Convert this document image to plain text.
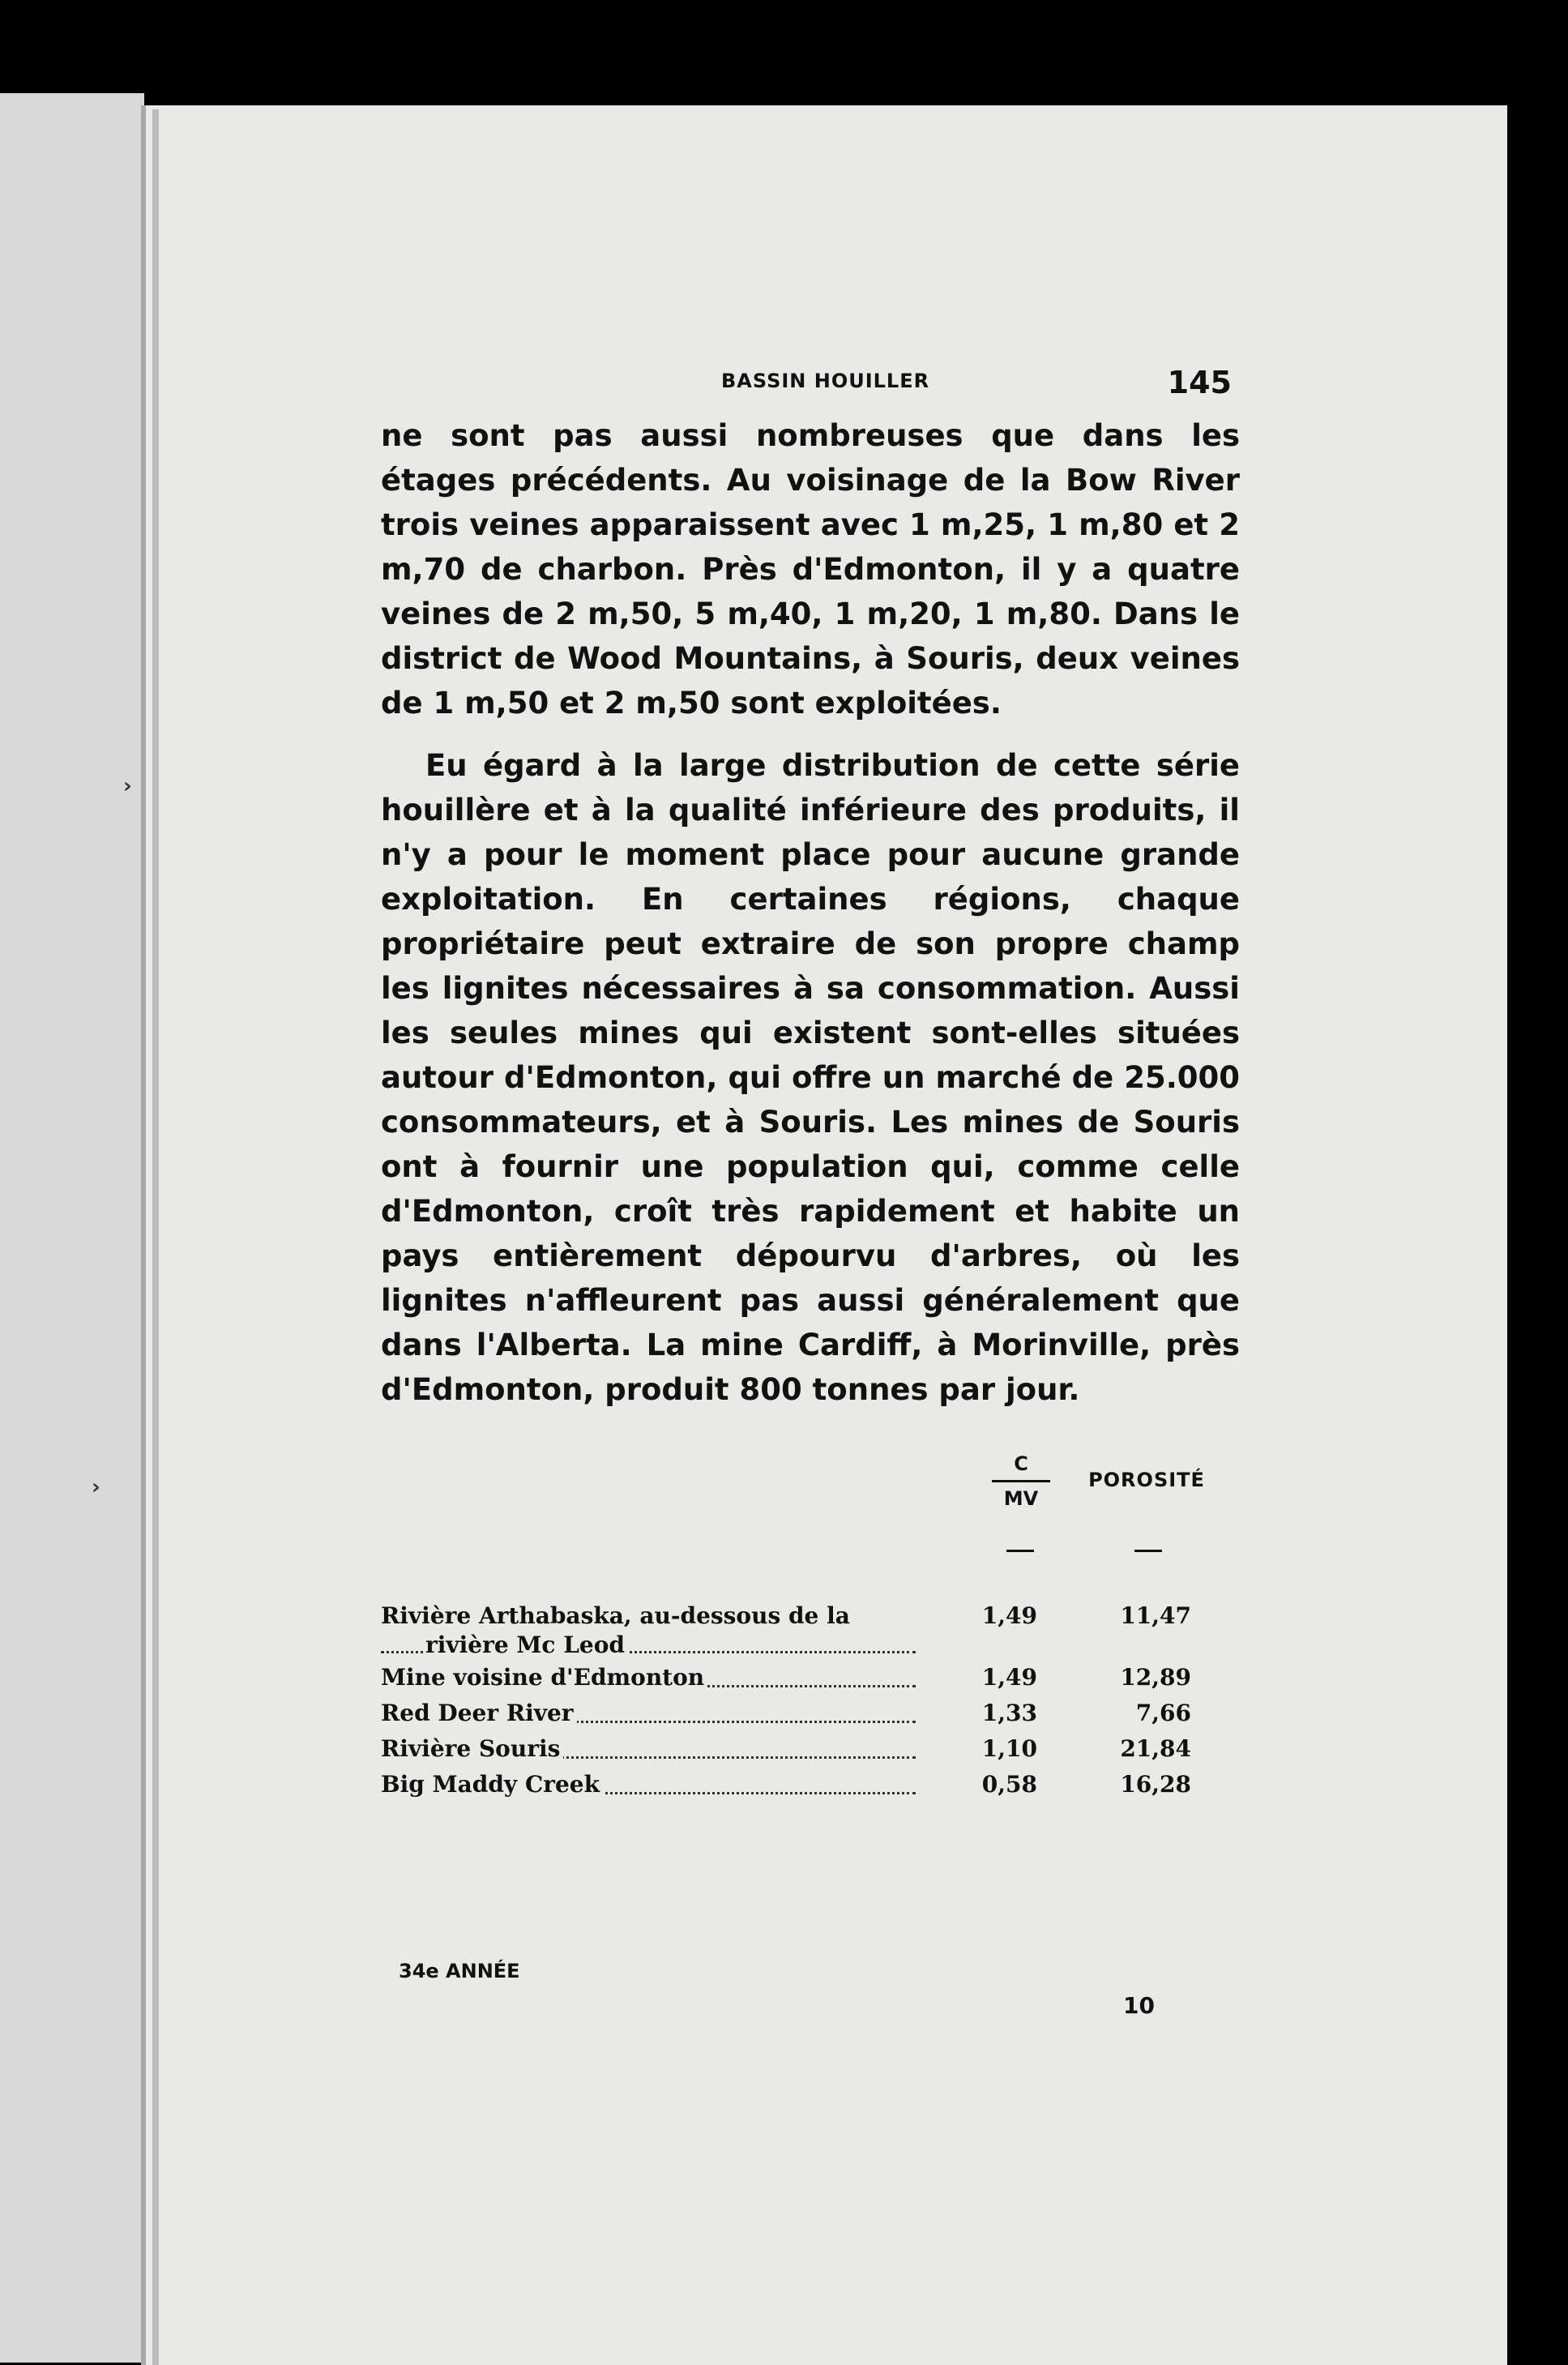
›
›
BASSIN HOUILLER	145

ne sont pas aussi nombreuses que dans les étages précédents. Au voisinage de la Bow River trois veines apparaissent avec 1 m,25, 1 m,80 et 2 m,70 de charbon. Près d'Edmonton, il y a quatre veines de 2 m,50, 5 m,40, 1 m,20, 1 m,80. Dans le district de Wood Mountains, à Souris, deux veines de 1 m,50 et 2 m,50 sont exploitées.

Eu égard à la large distribution de cette série houillère et à la qualité inférieure des produits, il n'y a pour le moment place pour aucune grande exploitation. En certaines régions, chaque propriétaire peut extraire de son propre champ les lignites nécessaires à sa consommation. Aussi les seules mines qui existent sont-elles situées autour d'Edmonton, qui offre un marché de 25.000 consommateurs, et à Souris. Les mines de Souris ont à fournir une population qui, comme celle d'Edmonton, croît très rapidement et habite un pays entièrement dépourvu d'arbres, où les lignites n'affleurent pas aussi généralement que dans l'Alberta. La mine Cardiff, à Morinville, près d'Edmonton, produit 800 tonnes par jour.

C
MV
POROSITÉ
Rivière Arthabaska, au-dessous de la
rivière Mc Leod
1,49	11,47
Mine voisine d'Edmonton	1,49	12,89
Red Deer River	1,33	7,66
Rivière Souris	1,10	21,84
Big Maddy Creek	0,58	16,28
34e ANNÉE
10
